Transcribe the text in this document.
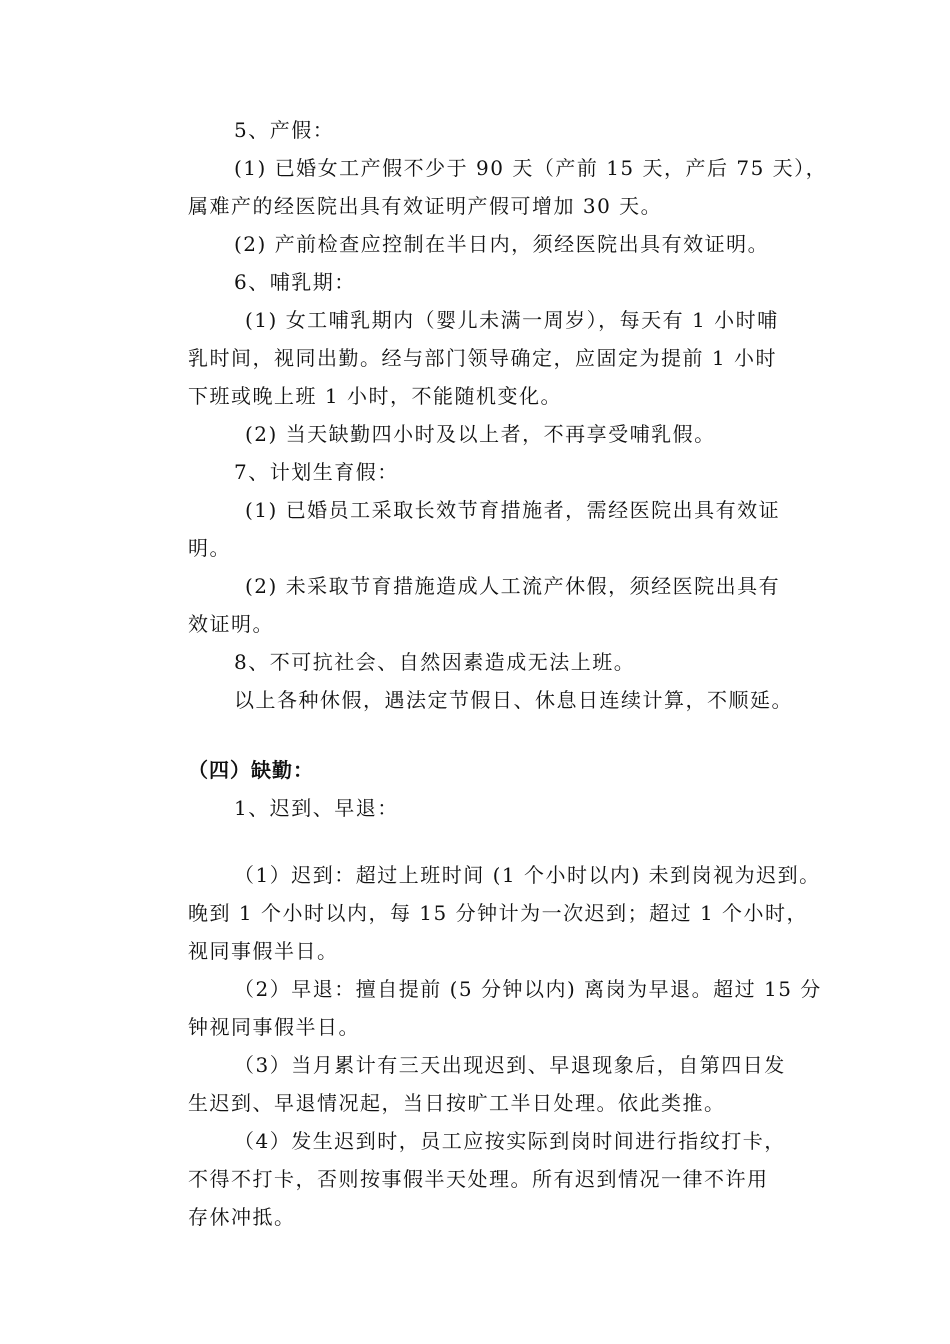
5、产假：
(1) 已婚女工产假不少于 90 天（产前 15 天，产后 75 天），
属难产的经医院出具有效证明产假可增加 30 天。
(2) 产前检查应控制在半日内，须经医院出具有效证明。
6、哺乳期：
(1) 女工哺乳期内（婴儿未满一周岁），每天有 1 小时哺
乳时间，视同出勤。经与部门领导确定，应固定为提前 1 小时
下班或晚上班 1 小时，不能随机变化。
(2) 当天缺勤四小时及以上者，不再享受哺乳假。
7、计划生育假：
(1) 已婚员工采取长效节育措施者，需经医院出具有效证
明。
(2) 未采取节育措施造成人工流产休假，须经医院出具有
效证明。
8、不可抗社会、自然因素造成无法上班。
以上各种休假，遇法定节假日、休息日连续计算，不顺延。
（四）缺勤：
1、迟到、早退：
（1）迟到：超过上班时间 (1 个小时以内) 未到岗视为迟到。
晚到 1 个小时以内，每 15 分钟计为一次迟到；超过 1 个小时，
视同事假半日。
（2）早退：擅自提前 (5 分钟以内) 离岗为早退。超过 15 分
钟视同事假半日。
（3）当月累计有三天出现迟到、早退现象后，自第四日发
生迟到、早退情况起，当日按旷工半日处理。依此类推。
（4）发生迟到时，员工应按实际到岗时间进行指纹打卡，
不得不打卡，否则按事假半天处理。所有迟到情况一律不许用
存休冲抵。
